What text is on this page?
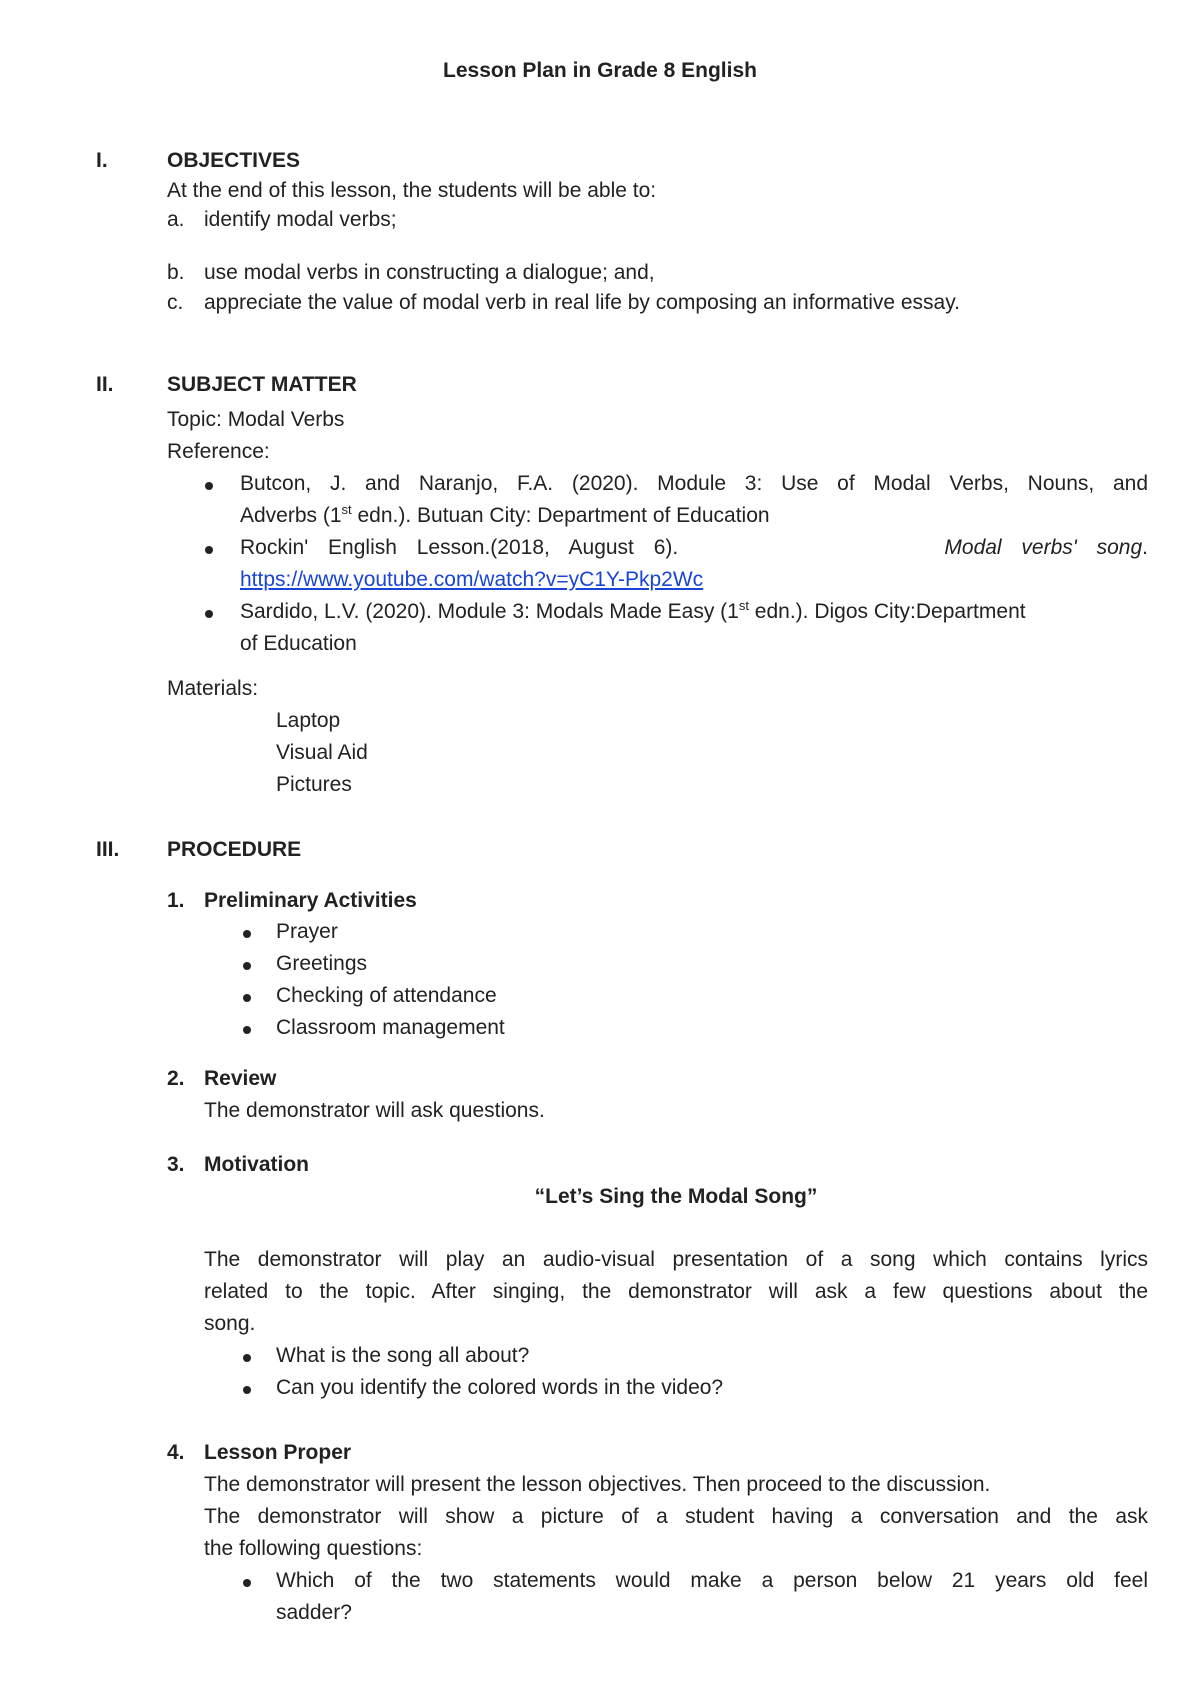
Lesson Plan in Grade 8 English
I.	OBJECTIVES
At the end of this lesson, the students will be able to:
a. identify modal verbs;
b. use modal verbs in constructing a dialogue; and,
c. appreciate the value of modal verb in real life by composing an informative essay.
II.	SUBJECT MATTER
Topic: Modal Verbs
Reference:
Butcon, J. and Naranjo, F.A. (2020). Module 3: Use of Modal Verbs, Nouns, and
Adverbs (1st edn.). Butuan City: Department of Education
Rockin' English Lesson.(2018, August 6).	Modal verbs' song.
https://www.youtube.com/watch?v=yC1Y-Pkp2Wc
Sardido, L.V. (2020). Module 3: Modals Made Easy (1st edn.). Digos City:Department
of Education
Materials:
Laptop
Visual Aid
Pictures
III. PROCEDURE
1. Preliminary Activities
Prayer
Greetings
Checking of attendance
Classroom management
2. Review
The demonstrator will ask questions.
3. Motivation
“Let’s Sing the Modal Song”
The demonstrator will play an audio-visual presentation of a song which contains lyrics
related to the topic. After singing, the demonstrator will ask a few questions about the
song.
What is the song all about?
Can you identify the colored words in the video?
4. Lesson Proper
The demonstrator will present the lesson objectives. Then proceed to the discussion.
The demonstrator will show a picture of a student having a conversation and the ask
the following questions:
Which of the two statements would make a person below 21 years old feel
sadder?
